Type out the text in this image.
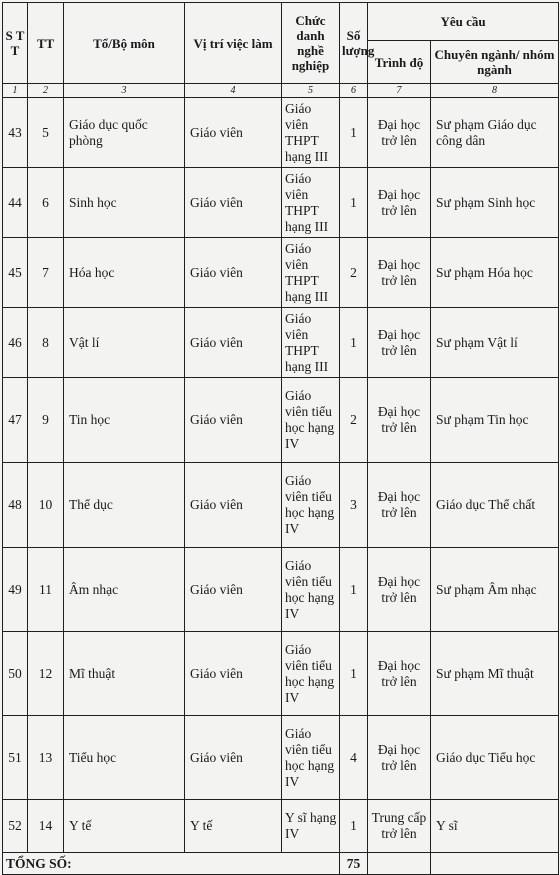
S T T	TT	Tổ/Bộ môn	Vị trí việc làm	Chức danh nghề nghiệp	Số lượng	Yêu cầu	
						Trình độ	Chuyên ngành/ nhóm ngành
1	2	3	4	5	6	7	8
43	5	Giáo dục quốc phòng	Giáo viên	Giáo viên THPT hạng III	1	Đại học trở lên	Sư phạm Giáo dục công dân
44	6	Sinh học	Giáo viên	Giáo viên THPT hạng III	1	Đại học trở lên	Sư phạm Sinh học
45	7	Hóa học	Giáo viên	Giáo viên THPT hạng III	2	Đại học trở lên	Sư phạm Hóa học
46	8	Vật lí	Giáo viên	Giáo viên THPT hạng III	1	Đại học trở lên	Sư phạm Vật lí
47	9	Tin học	Giáo viên	Giáo viên tiểu học hạng IV	2	Đại học trở lên	Sư phạm Tin học
48	10	Thể dục	Giáo viên	Giáo viên tiểu học hạng IV	3	Đại học trở lên	Giáo dục Thể chất
49	11	Âm nhạc	Giáo viên	Giáo viên tiểu học hạng IV	1	Đại học trở lên	Sư phạm Âm nhạc
50	12	Mĩ thuật	Giáo viên	Giáo viên tiểu học hạng IV	1	Đại học trở lên	Sư phạm Mĩ thuật
51	13	Tiểu học	Giáo viên	Giáo viên tiểu học hạng IV	4	Đại học trở lên	Giáo dục Tiểu học
52	14	Y tế	Y tế	Y sĩ hạng IV	1	Trung cấp trở lên	Y sĩ
TỔNG SỐ:					75		
